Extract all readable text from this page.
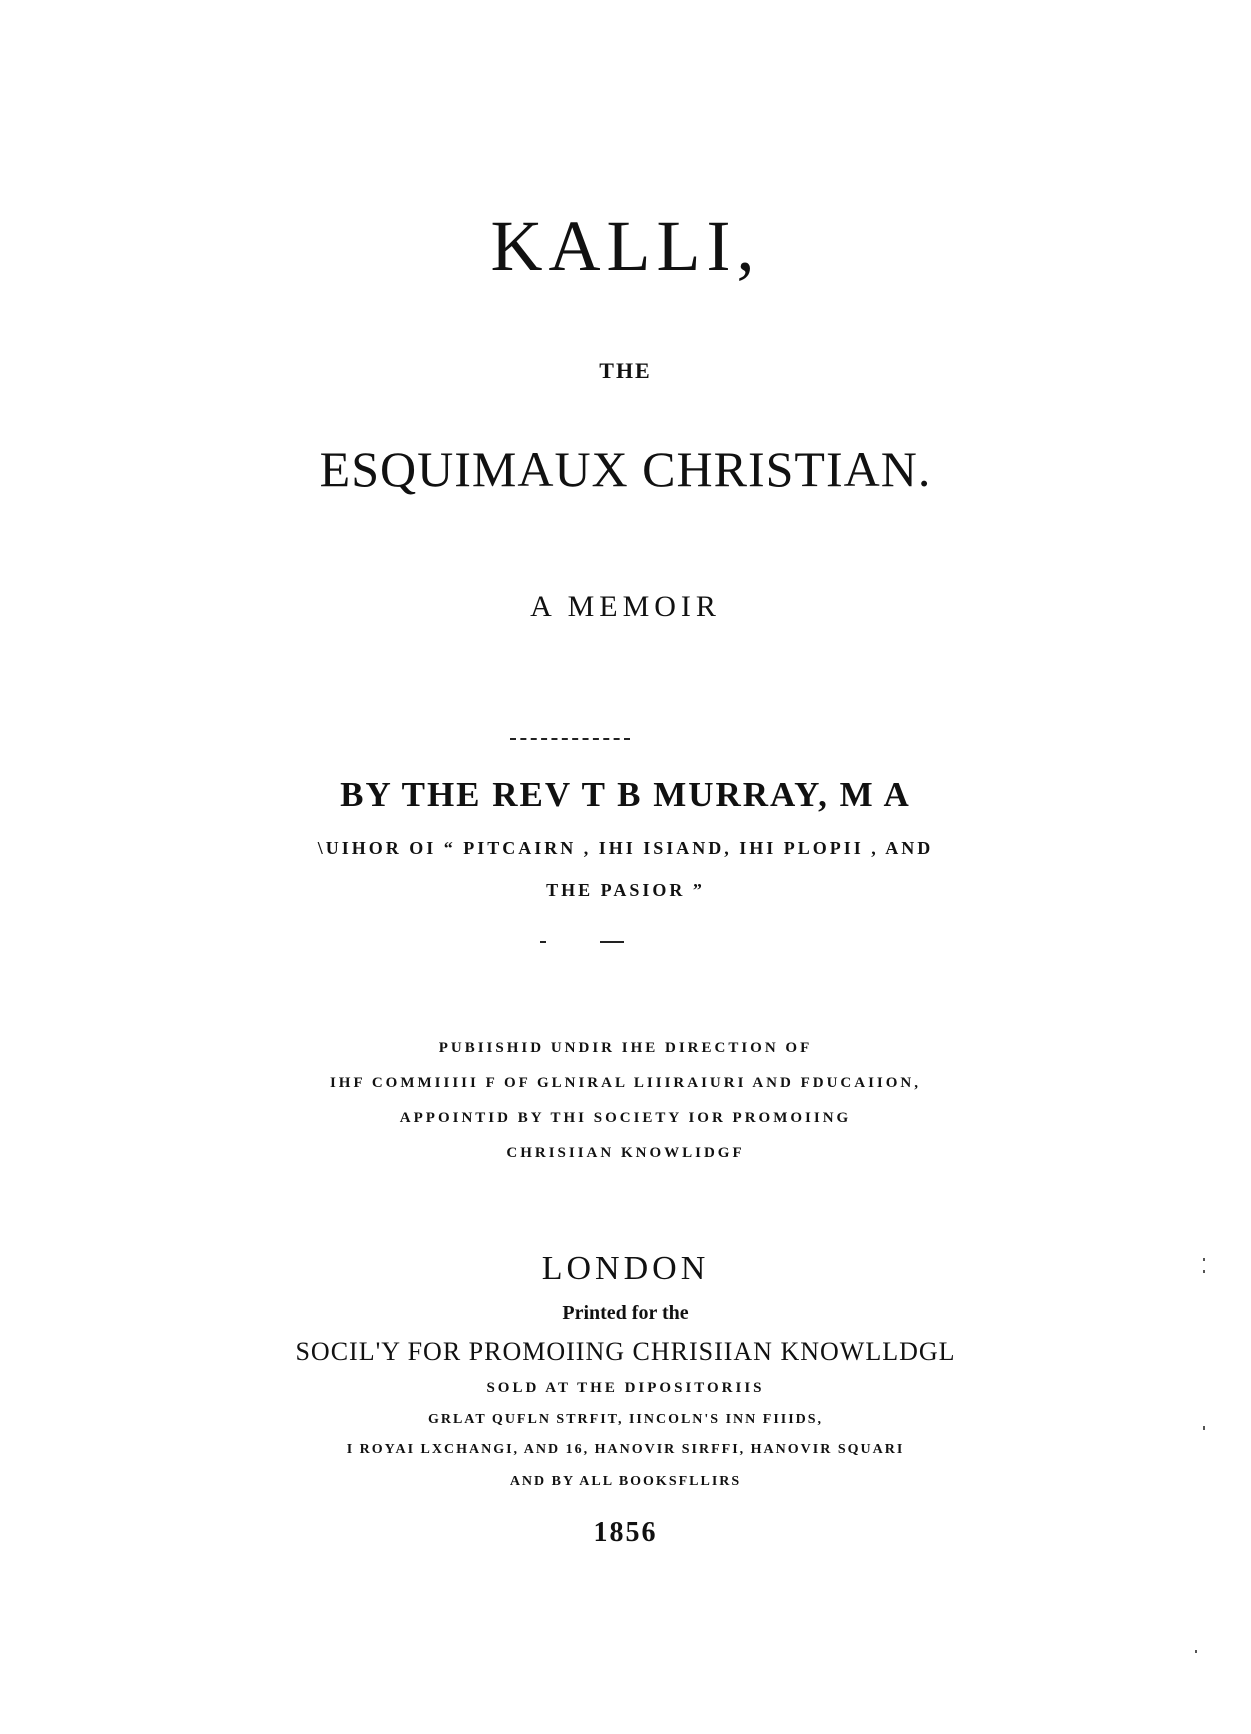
KALLI,
THE
ESQUIMAUX CHRISTIAN.
A MEMOIR
BY THE REV T B MURRAY, M A
\UIHOR OI “ PITCAIRN , IHI ISIAND, IHI PLOPII , AND
THE PASIOR ”
PUBIISHID UNDIR IHE DIRECTION OF
IHF COMMIIIII F OF GLNIRAL LIIIRAIURI AND FDUCAIION,
APPOINTID BY THI SOCIETY IOR PROMOIING
CHRISIIAN KNOWLIDGF
LONDON
Printed for the
SOCIL'Y FOR PROMOIING CHRISIIAN KNOWLLDGL
SOLD AT THE DIPOSITORIIS
GRLAT QUFLN STRFIT, IINCOLN'S INN FIIIDS,
I ROYAI LXCHANGI, AND 16, HANOVIR SIRFFI, HANOVIR SQUARI
AND BY ALL BOOKSFLLIRS
1856
